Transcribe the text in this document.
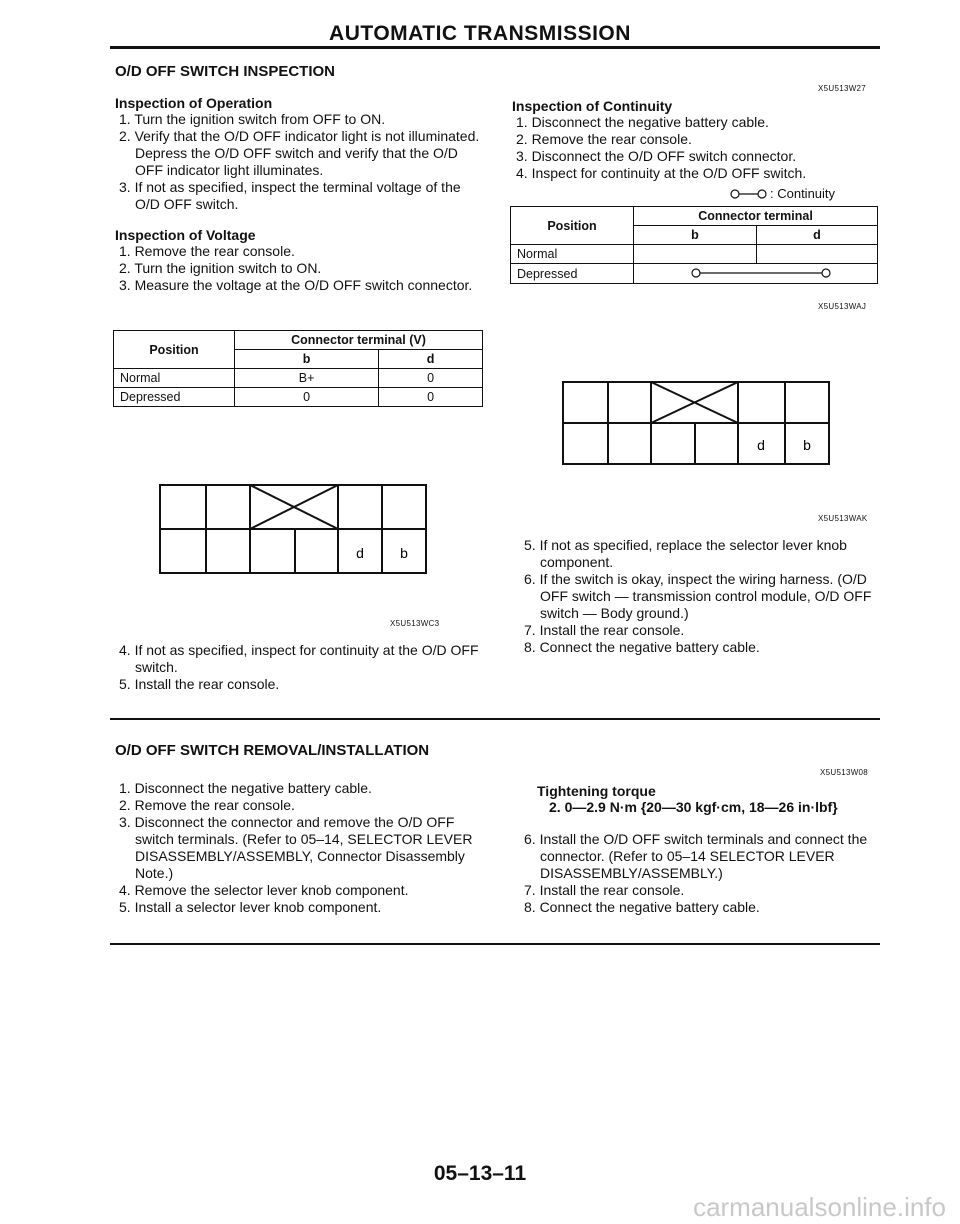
AUTOMATIC TRANSMISSION
O/D OFF SWITCH INSPECTION
Inspection of Operation
1. Turn the ignition switch from OFF to ON.
2. Verify that the O/D OFF indicator light is not illuminated. Depress the O/D OFF switch and verify that the O/D OFF indicator light illuminates.
3. If not as specified, inspect the terminal voltage of the O/D OFF switch.
Inspection of Voltage
1. Remove the rear console.
2. Turn the ignition switch to ON.
3. Measure the voltage at the O/D OFF switch connector.
Position	Connector terminal (V)	
	b	d
Normal	B+	0
Depressed	0	0
d	b
X5U513WC3
4. If not as specified, inspect for continuity at the O/D OFF switch.
5. Install the rear console.
X5U513W27
Inspection of Continuity
1. Disconnect the negative battery cable.
2. Remove the rear console.
3. Disconnect the O/D OFF switch connector.
4. Inspect for continuity at the O/D OFF switch.
: Continuity
Position	Connector terminal	
	b	d
Normal		
Depressed	
X5U513WAJ
d	b
X5U513WAK
5. If not as specified, replace the selector lever knob component.
6. If the switch is okay, inspect the wiring harness. (O/D OFF switch — transmission control module, O/D OFF switch — Body ground.)
7. Install the rear console.
8. Connect the negative battery cable.
O/D OFF SWITCH REMOVAL/INSTALLATION
X5U513W08
1. Disconnect the negative battery cable.
2. Remove the rear console.
3. Disconnect the connector and remove the O/D OFF switch terminals. (Refer to 05–14, SELECTOR LEVER DISASSEMBLY/ASSEMBLY, Connector Disassembly Note.)
4. Remove the selector lever knob component.
5. Install a selector lever knob component.
Tightening torque
2. 0—2.9 N·m {20—30 kgf·cm, 18—26 in·lbf}
6. Install the O/D OFF switch terminals and connect the connector. (Refer to 05–14 SELECTOR LEVER DISASSEMBLY/ASSEMBLY.)
7. Install the rear console.
8. Connect the negative battery cable.
05–13–11
carmanualsonline.info
